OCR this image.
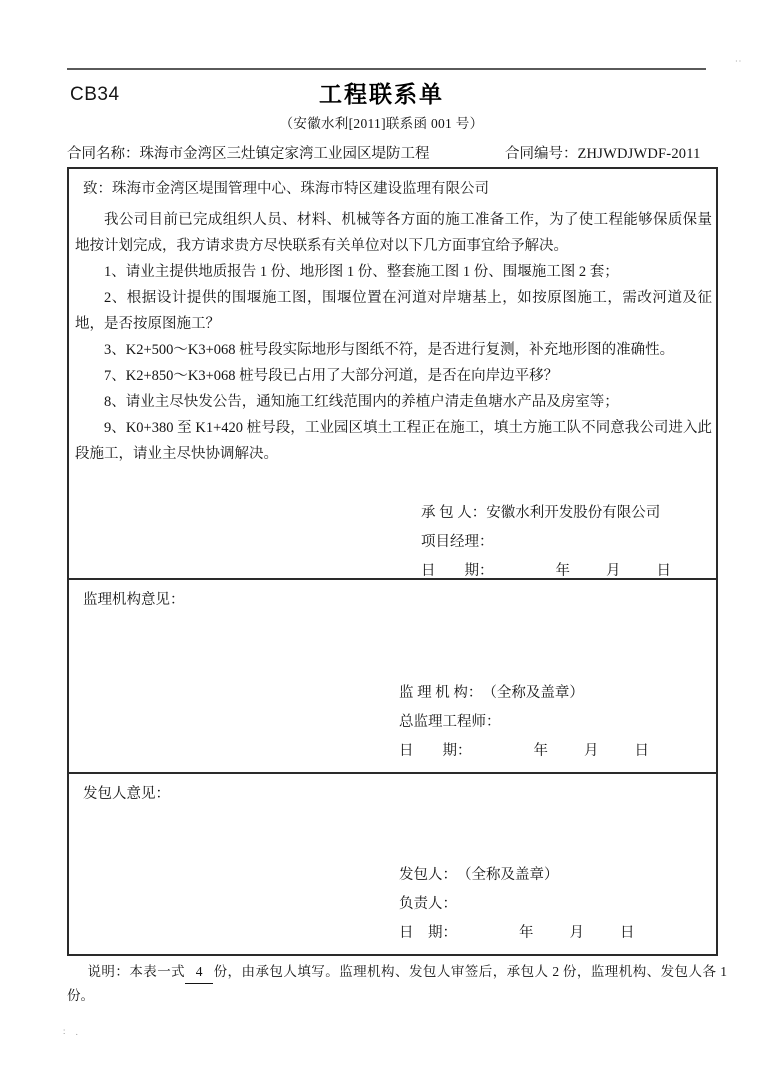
··
CB34	工程联系单
（安徽水利[2011]联系函 001 号）
合同名称：珠海市金湾区三灶镇定家湾工业园区堤防工程	合同编号：ZHJWDJWDF-2011
致：珠海市金湾区堤围管理中心、珠海市特区建设监理有限公司
我公司目前已完成组织人员、材料、机械等各方面的施工准备工作，为了使工程能够保质保量地按计划完成，我方请求贵方尽快联系有关单位对以下几方面事宜给予解决。
1、请业主提供地质报告 1 份、地形图 1 份、整套施工图 1 份、围堰施工图 2 套；
2、根据设计提供的围堰施工图，围堰位置在河道对岸塘基上，如按原图施工，需改河道及征地，是否按原图施工？
3、K2+500～K3+068 桩号段实际地形与图纸不符，是否进行复测，补充地形图的准确性。
7、K2+850～K3+068 桩号段已占用了大部分河道，是否在向岸边平移？
8、请业主尽快发公告，通知施工红线范围内的养植户清走鱼塘水产品及房室等；
9、K0+380 至 K1+420 桩号段，工业园区填土工程正在施工，填土方施工队不同意我公司进入此段施工，请业主尽快协调解决。
承 包 人：安徽水利开发股份有限公司
项目经理：
日　　期：	年 月 日
监理机构意见：
监 理 机 构：（全称及盖章）
总监理工程师：
日　　期：	年 月 日
发包人意见：
发包人：（全称及盖章）
负责人：
日　期：	年 月 日
说明：本表一式 4 份，由承包人填写。监理机构、发包人审签后，承包人 2 份，监理机构、发包人各 1 份。
∶ .
